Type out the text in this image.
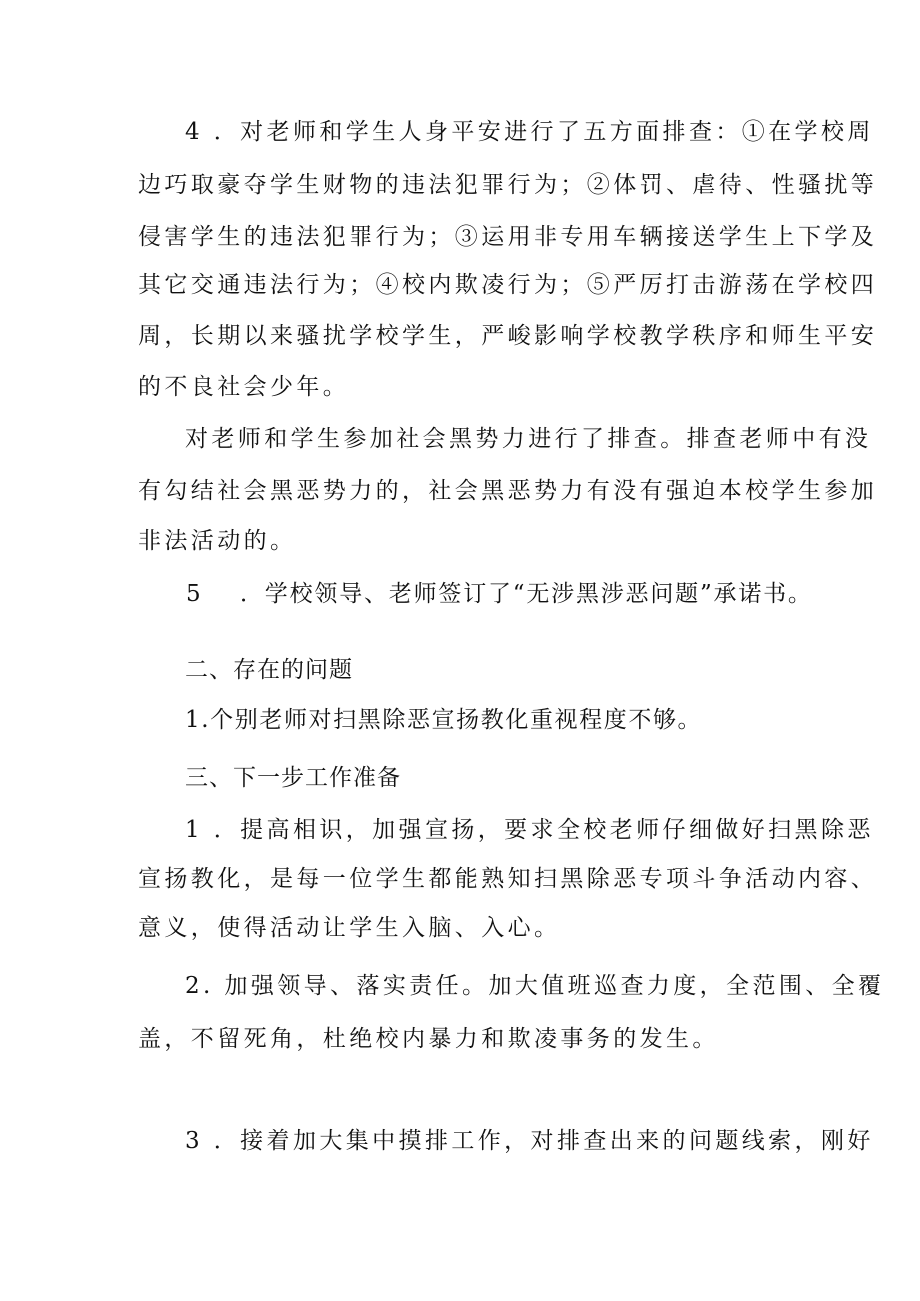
4 ．对老师和学生人身平安进行了五方面排查：①在学校周
边巧取豪夺学生财物的违法犯罪行为；②体罚、虐待、性骚扰等
侵害学生的违法犯罪行为；③运用非专用车辆接送学生上下学及
其它交通违法行为；④校内欺凌行为；⑤严厉打击游荡在学校四
周，长期以来骚扰学校学生，严峻影响学校教学秩序和师生平安
的不良社会少年。
对老师和学生参加社会黑势力进行了排查。排查老师中有没
有勾结社会黑恶势力的，社会黑恶势力有没有强迫本校学生参加
非法活动的。
5 ．学校领导、老师签订了“无涉黑涉恶问题”承诺书。
二、存在的问题
1.个别老师对扫黑除恶宣扬教化重视程度不够。
三、下一步工作准备
1 ．提高相识，加强宣扬，要求全校老师仔细做好扫黑除恶
宣扬教化，是每一位学生都能熟知扫黑除恶专项斗争活动内容、
意义，使得活动让学生入脑、入心。
2. 加强领导、落实责任。加大值班巡查力度，全范围、全覆
盖，不留死角，杜绝校内暴力和欺凌事务的发生。
3 ．接着加大集中摸排工作，对排查出来的问题线索，刚好
